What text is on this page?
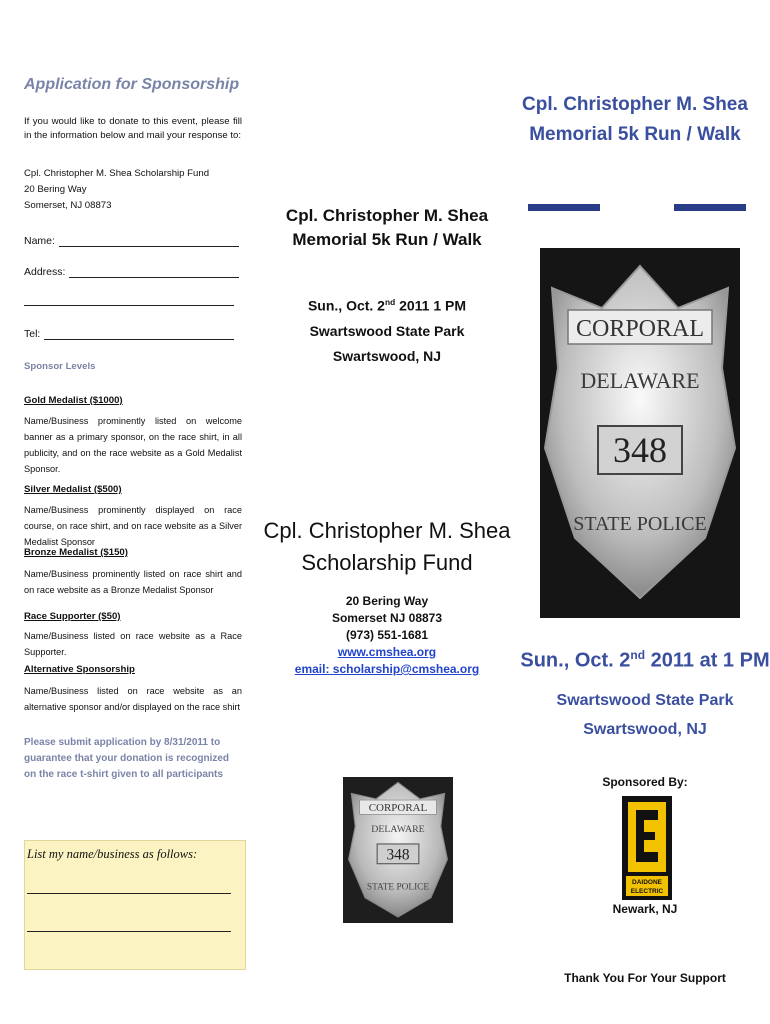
Application for Sponsorship
If you would like to donate to this event, please fill in the information below and mail your response to:
Cpl. Christopher M. Shea Scholarship Fund
20 Bering Way
Somerset, NJ 08873
Name:
Address:
Tel:
Sponsor Levels
Gold Medalist ($1000)
Name/Business prominently listed on welcome banner as a primary sponsor, on the race shirt, in all publicity, and on the race website as a Gold Medalist Sponsor.
Silver Medalist ($500)
Name/Business prominently displayed on race course, on race shirt, and on race website as a Silver Medalist Sponsor
Bronze Medalist ($150)
Name/Business prominently listed on race shirt and on race website as a Bronze Medalist Sponsor
Race Supporter ($50)
Name/Business listed on race website as a Race Supporter.
Alternative Sponsorship
Name/Business listed on race website as an alternative sponsor and/or displayed on the race shirt
Please submit application by 8/31/2011 to guarantee that your donation is recognized on the race t-shirt given to all participants
List my name/business as follows:
Cpl. Christopher M. Shea
Memorial 5k Run / Walk
Sun., Oct. 2nd 2011 1 PM
Swartswood State Park
Swartswood, NJ
Cpl. Christopher M. Shea
Scholarship Fund
20 Bering Way
Somerset NJ 08873
(973) 551-1681
www.cmshea.org
email: scholarship@cmshea.org
CORPORAL
DELAWARE
348
STATE POLICE
Cpl. Christopher M. Shea
Memorial 5k Run / Walk
CORPORAL
DELAWARE
348
STATE POLICE
Sun., Oct. 2nd 2011 at 1 PM
Swartswood State Park
Swartswood, NJ
Sponsored By:
DAIDONE
ELECTRIC
Newark, NJ
Thank You For Your Support
